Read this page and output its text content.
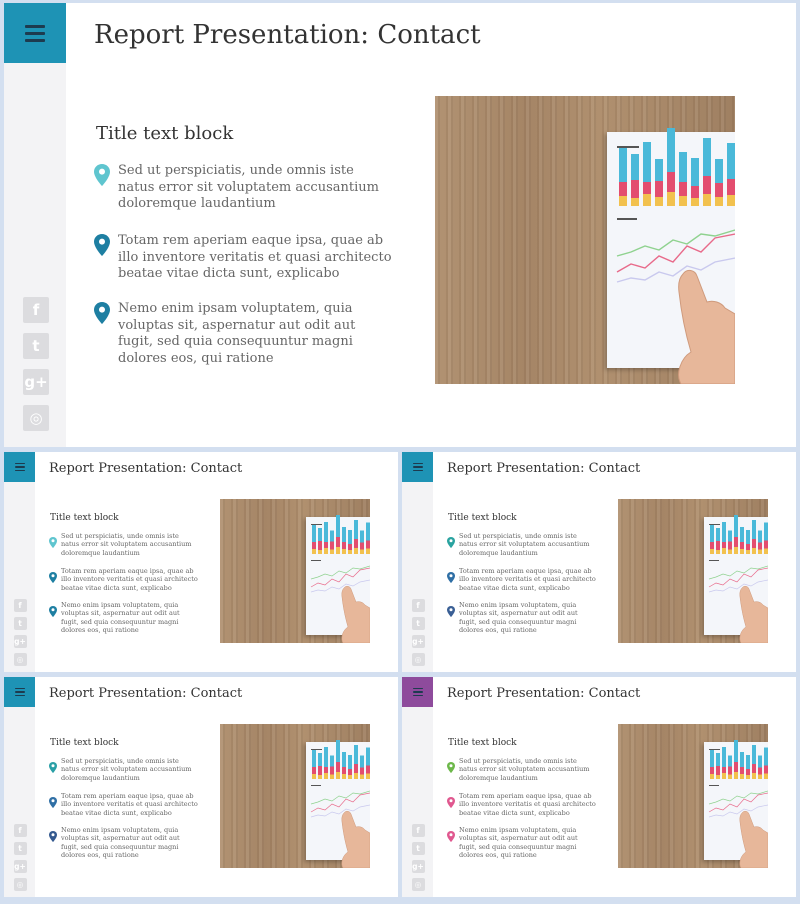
Report Presentation: Contact
Title text block
Sed ut perspiciatis, unde omnis iste natus error sit voluptatem accusantium doloremque laudantium
Totam rem aperiam eaque ipsa, quae ab illo inventore veritatis et quasi architecto beatae vitae dicta sunt, explicabo
Nemo enim ipsam voluptatem, quia voluptas sit, aspernatur aut odit aut fugit, sed quia consequuntur magni dolores eos, qui ratione
f
t
g+
◎
Report Presentation: Contact
Title text block
Sed ut perspiciatis, unde omnis iste natus error sit voluptatem accusantium doloremque laudantium
Totam rem aperiam eaque ipsa, quae ab illo inventore veritatis et quasi architecto beatae vitae dicta sunt, explicabo
Nemo enim ipsam voluptatem, quia voluptas sit, aspernatur aut odit aut fugit, sed quia consequuntur magni dolores eos, qui ratione
f
t
g+
◎
Report Presentation: Contact
Title text block
Sed ut perspiciatis, unde omnis iste natus error sit voluptatem accusantium doloremque laudantium
Totam rem aperiam eaque ipsa, quae ab illo inventore veritatis et quasi architecto beatae vitae dicta sunt, explicabo
Nemo enim ipsam voluptatem, quia voluptas sit, aspernatur aut odit aut fugit, sed quia consequuntur magni dolores eos, qui ratione
f
t
g+
◎
Report Presentation: Contact
Title text block
Sed ut perspiciatis, unde omnis iste natus error sit voluptatem accusantium doloremque laudantium
Totam rem aperiam eaque ipsa, quae ab illo inventore veritatis et quasi architecto beatae vitae dicta sunt, explicabo
Nemo enim ipsam voluptatem, quia voluptas sit, aspernatur aut odit aut fugit, sed quia consequuntur magni dolores eos, qui ratione
f
t
g+
◎
Report Presentation: Contact
Title text block
Sed ut perspiciatis, unde omnis iste natus error sit voluptatem accusantium doloremque laudantium
Totam rem aperiam eaque ipsa, quae ab illo inventore veritatis et quasi architecto beatae vitae dicta sunt, explicabo
Nemo enim ipsam voluptatem, quia voluptas sit, aspernatur aut odit aut fugit, sed quia consequuntur magni dolores eos, qui ratione
f
t
g+
◎
